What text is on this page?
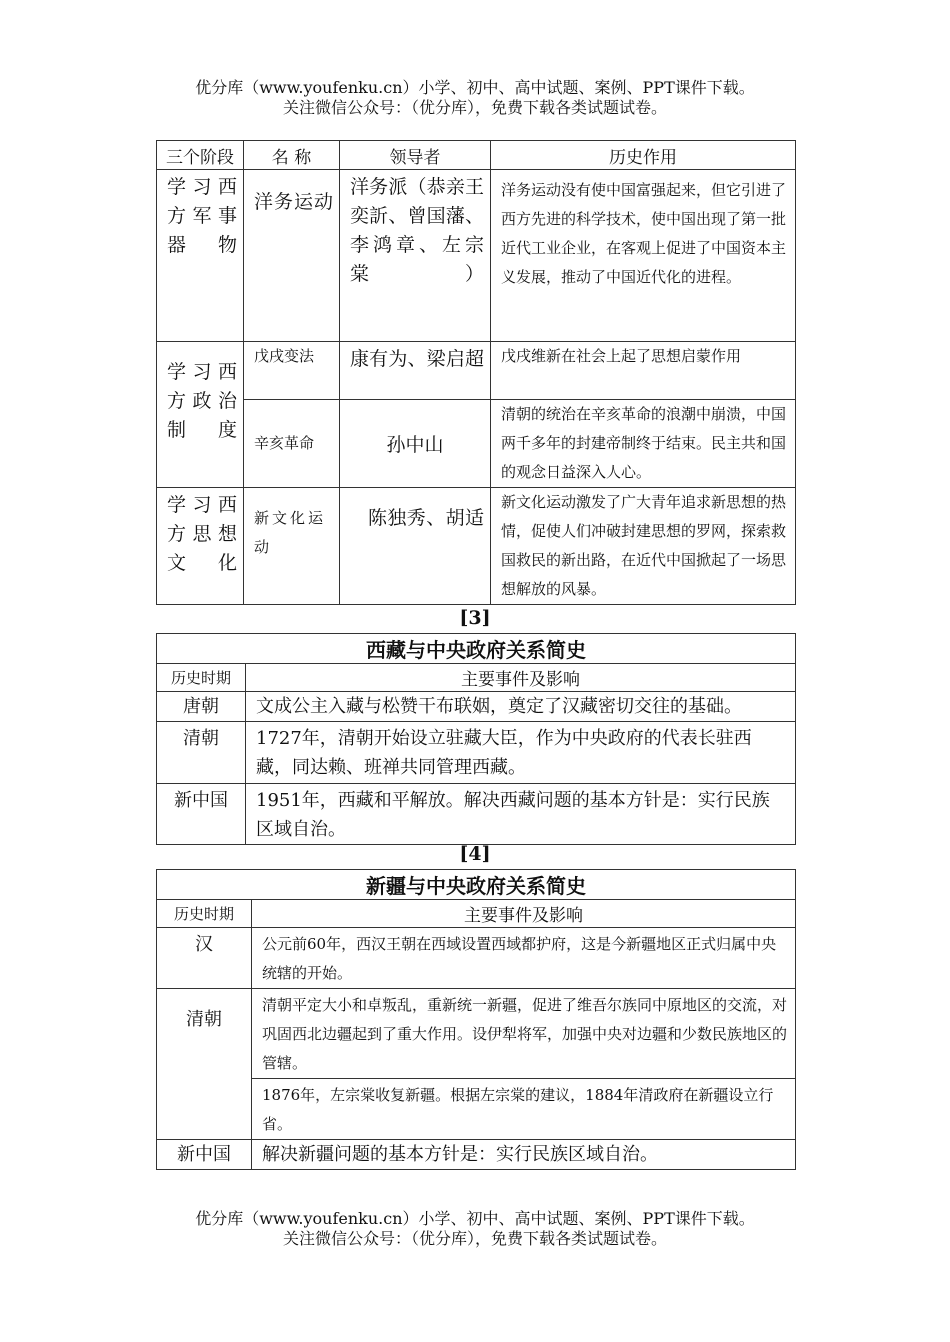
优分库（www.youfenku.cn）小学、初中、高中试题、案例、PPT课件下载。
关注微信公众号：（优分库），免费下载各类试题试卷。
三个阶段	名 称	领导者	历史作用
学习西方军事器物	洋务运动	洋务派（恭亲王奕訢、曾国藩、李鸿章、左宗棠）	洋务运动没有使中国富强起来，但它引进了西方先进的科学技术，使中国出现了第一批近代工业企业，在客观上促进了中国资本主义发展，推动了中国近代化的进程。
学习西方政治制度	戊戌变法	康有为、梁启超	戊戌维新在社会上起了思想启蒙作用
	辛亥革命	孙中山	清朝的统治在辛亥革命的浪潮中崩溃，中国两千多年的封建帝制终于结束。民主共和国的观念日益深入人心。
学习西方思想文化	新文化运动	陈独秀、胡适	新文化运动激发了广大青年追求新思想的热情，促使人们冲破封建思想的罗网，探索救国救民的新出路，在近代中国掀起了一场思想解放的风暴。
[3]
西藏与中央政府关系简史	
历史时期	主要事件及影响
唐朝	文成公主入藏与松赞干布联姻，奠定了汉藏密切交往的基础。
清朝	1727年，清朝开始设立驻藏大臣，作为中央政府的代表长驻西藏，同达赖、班禅共同管理西藏。
新中国	1951年，西藏和平解放。解决西藏问题的基本方针是：实行民族区域自治。
[4]
新疆与中央政府关系简史	
历史时期	主要事件及影响
汉	公元前60年，西汉王朝在西域设置西域都护府，这是今新疆地区正式归属中央统辖的开始。
清朝	清朝平定大小和卓叛乱，重新统一新疆，促进了维吾尔族同中原地区的交流，对巩固西北边疆起到了重大作用。设伊犁将军，加强中央对边疆和少数民族地区的管辖。
	1876年，左宗棠收复新疆。根据左宗棠的建议，1884年清政府在新疆设立行省。
新中国	解决新疆问题的基本方针是：实行民族区域自治。
优分库（www.youfenku.cn）小学、初中、高中试题、案例、PPT课件下载。
关注微信公众号：（优分库），免费下载各类试题试卷。
